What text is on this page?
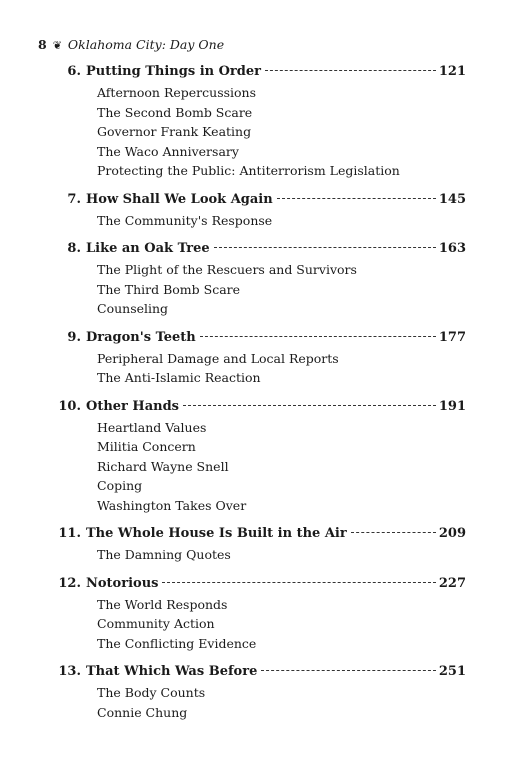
8 ❦ Oklahoma City: Day One
6. Putting Things in Order	121
Afternoon Repercussions
The Second Bomb Scare
Governor Frank Keating
The Waco Anniversary
Protecting the Public: Antiterrorism Legislation
7. How Shall We Look Again	145
The Community's Response
8. Like an Oak Tree	163
The Plight of the Rescuers and Survivors
The Third Bomb Scare
Counseling
9. Dragon's Teeth	177
Peripheral Damage and Local Reports
The Anti-Islamic Reaction
10. Other Hands	191
Heartland Values
Militia Concern
Richard Wayne Snell
Coping
Washington Takes Over
11. The Whole House Is Built in the Air	209
The Damning Quotes
12. Notorious	227
The World Responds
Community Action
The Conflicting Evidence
13. That Which Was Before	251
The Body Counts
Connie Chung
